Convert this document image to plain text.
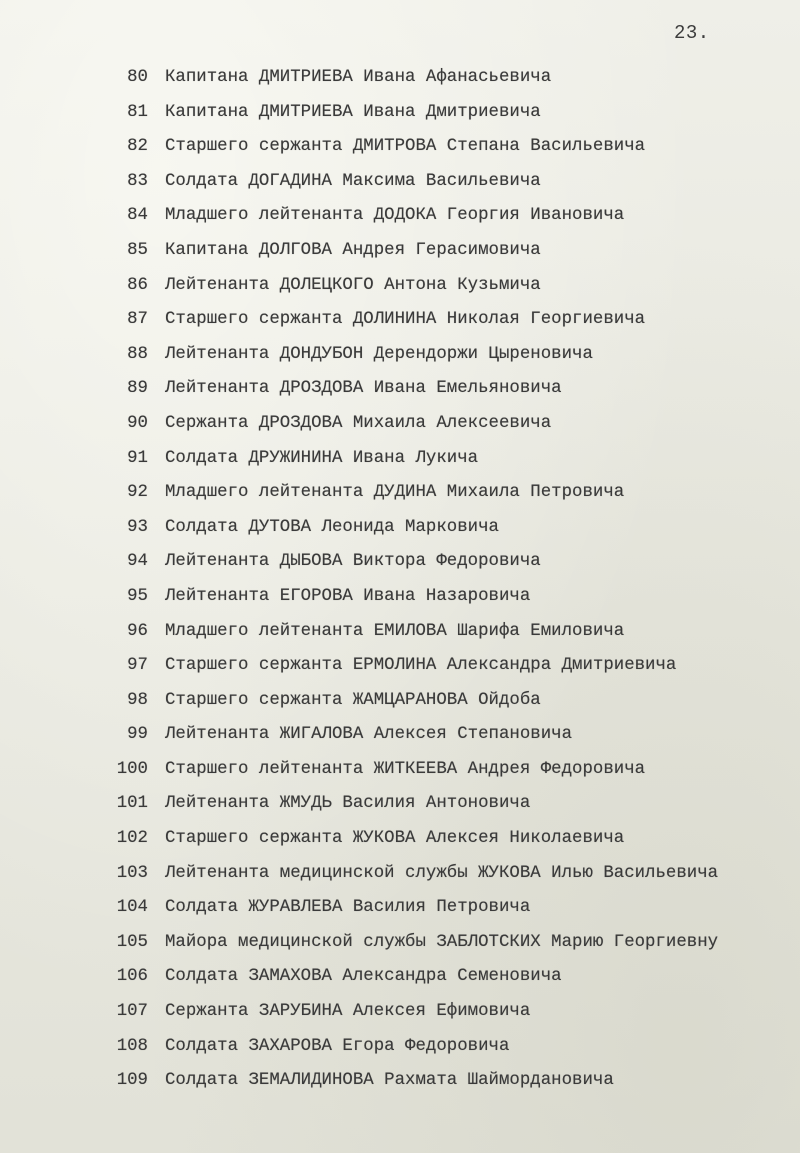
23.
80 Капитана ДМИТРИЕВА Ивана Афанасьевича
81 Капитана ДМИТРИЕВА Ивана Дмитриевича
82 Старшего сержанта ДМИТРОВА Степана Васильевича
83 Солдата ДОГАДИНА Максима Васильевича
84 Младшего лейтенанта ДОДОКА Георгия Ивановича
85 Капитана ДОЛГОВА Андрея Герасимовича
86 Лейтенанта ДОЛЕЦКОГО Антона Кузьмича
87 Старшего сержанта ДОЛИНИНА Николая Георгиевича
88 Лейтенанта ДОНДУБОН Дерендоржи Цыреновича
89 Лейтенанта ДРОЗДОВА Ивана Емельяновича
90 Сержанта ДРОЗДОВА Михаила Алексеевича
91 Солдата ДРУЖИНИНА Ивана Лукича
92 Младшего лейтенанта ДУДИНА Михаила Петровича
93 Солдата ДУТОВА Леонида Марковича
94 Лейтенанта ДЫБОВА Виктора Федоровича
95 Лейтенанта ЕГОРОВА Ивана Назаровича
96 Младшего лейтенанта ЕМИЛОВА Шарифа Емиловича
97 Старшего сержанта ЕРМОЛИНА Александра Дмитриевича
98 Старшего сержанта ЖАМЦАРАНОВА Ойдоба
99 Лейтенанта ЖИГАЛОВА Алексея Степановича
100 Старшего лейтенанта ЖИТКЕЕВА Андрея Федоровича
101 Лейтенанта ЖМУДЬ Василия Антоновича
102 Старшего сержанта ЖУКОВА Алексея Николаевича
103 Лейтенанта медицинской службы ЖУКОВА Илью Васильевича
104 Солдата ЖУРАВЛЕВА Василия Петровича
105 Майора медицинской службы ЗАБЛОТСКИХ Марию Георгиевну
106 Солдата ЗАМАХОВА Александра Семеновича
107 Сержанта ЗАРУБИНА Алексея Ефимовича
108 Солдата ЗАХАРОВА Егора Федоровича
109 Солдата ЗЕМАЛИДИНОВА Рахмата Шаймордановича
